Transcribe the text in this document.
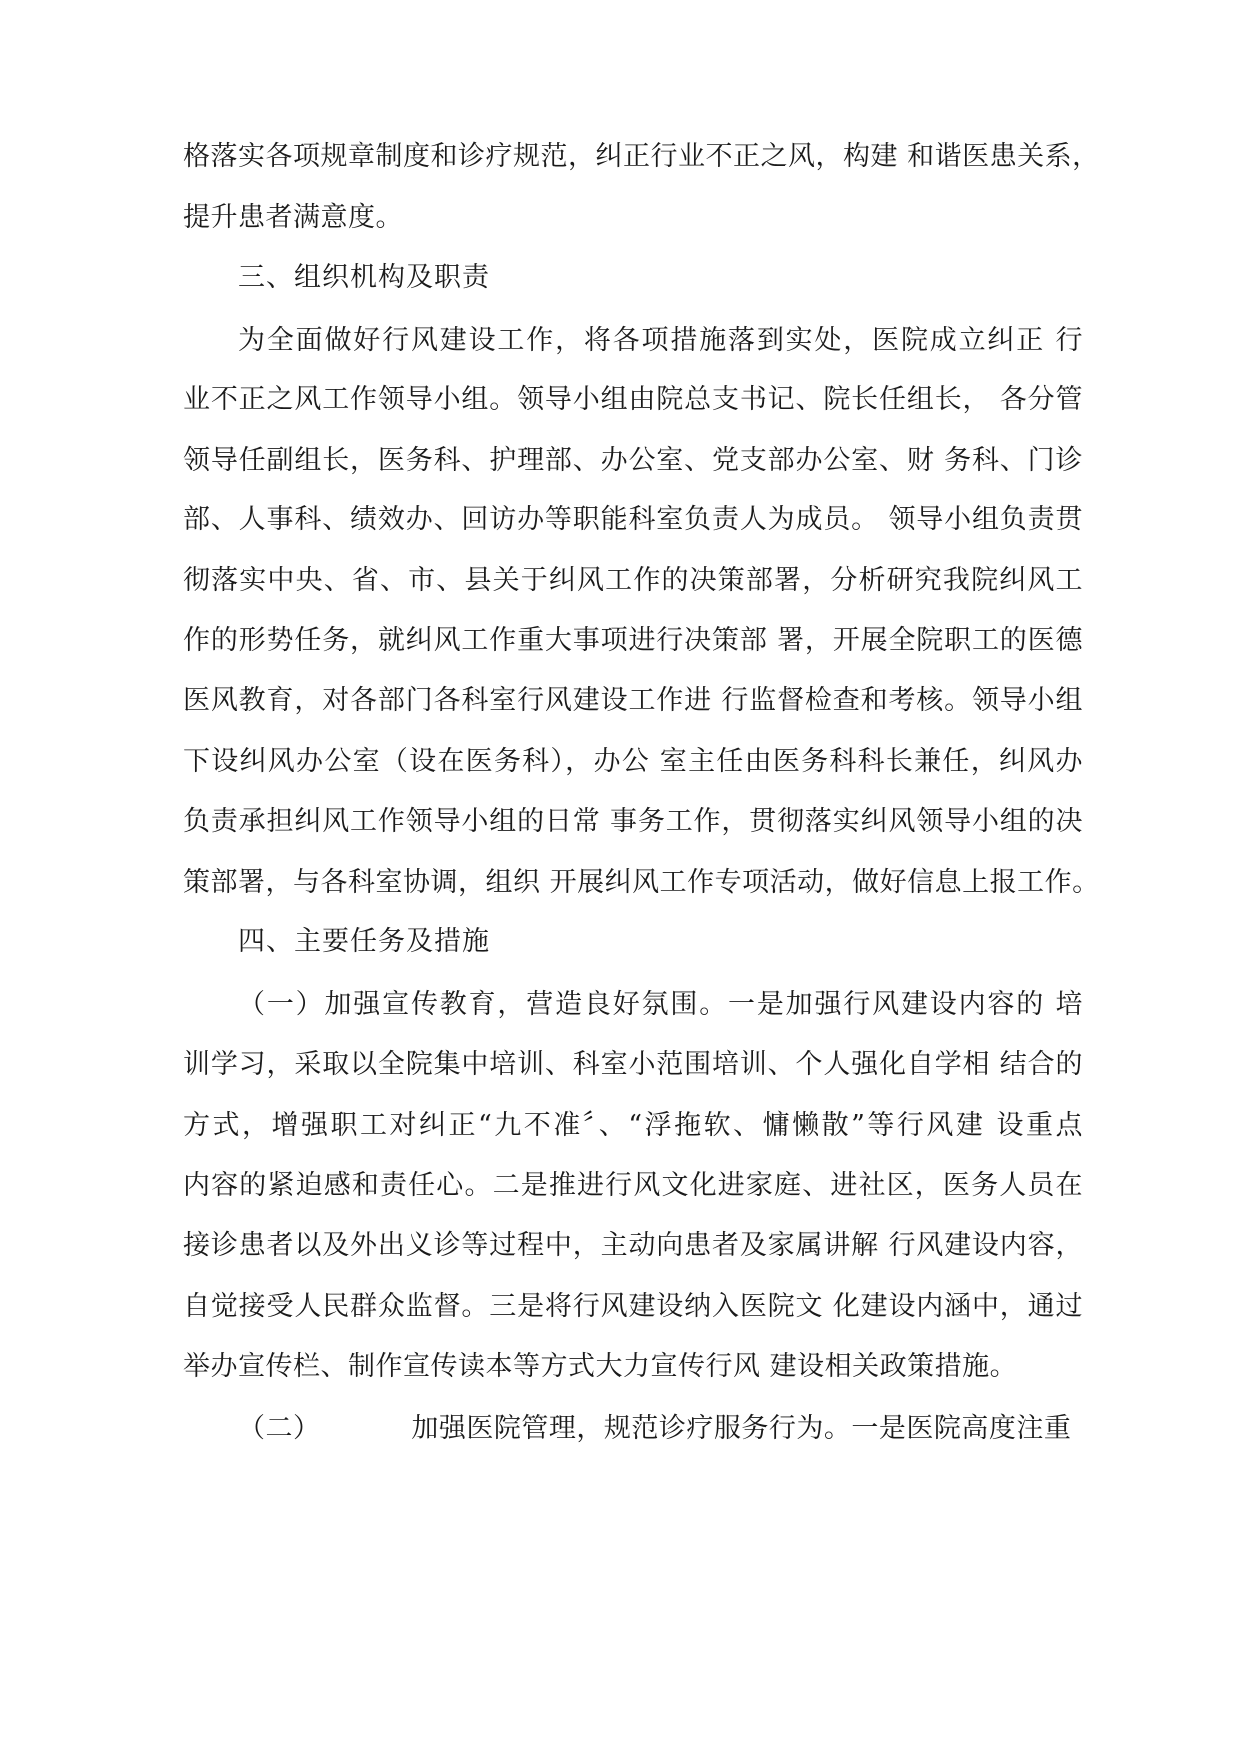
格落实各项规章制度和诊疗规范，纠正行业不正之风，构建 和谐医患关系，
提升患者满意度。
三、组织机构及职责
为全面做好行风建设工作，将各项措施落到实处，医院成立纠正 行
业不正之风工作领导小组。领导小组由院总支书记、院长任组长， 各分管
领导任副组长，医务科、护理部、办公室、党支部办公室、财 务科、门诊
部、人事科、绩效办、回访办等职能科室负责人为成员。 领导小组负责贯
彻落实中央、省、市、县关于纠风工作的决策部署，分析研究我院纠风工
作的形势任务，就纠风工作重大事项进行决策部 署，开展全院职工的医德
医风教育，对各部门各科室行风建设工作进 行监督检查和考核。领导小组
下设纠风办公室（设在医务科），办公 室主任由医务科科长兼任，纠风办
负责承担纠风工作领导小组的日常 事务工作，贯彻落实纠风领导小组的决
策部署，与各科室协调，组织 开展纠风工作专项活动，做好信息上报工作。
四、主要任务及措施
（一）加强宣传教育，营造良好氛围。一是加强行风建设内容的 培
训学习，采取以全院集中培训、科室小范围培训、个人强化自学相 结合的
方式，增强职工对纠正“九不准〞、“浮拖软、慵懒散”等行风建 设重点
内容的紧迫感和责任心。二是推进行风文化进家庭、进社区，医务人员在
接诊患者以及外出义诊等过程中，主动向患者及家属讲解 行风建设内容，
自觉接受人民群众监督。三是将行风建设纳入医院文 化建设内涵中，通过
举办宣传栏、制作宣传读本等方式大力宣传行风 建设相关政策措施。
（二）          加强医院管理，规范诊疗服务行为。一是医院高度注重
